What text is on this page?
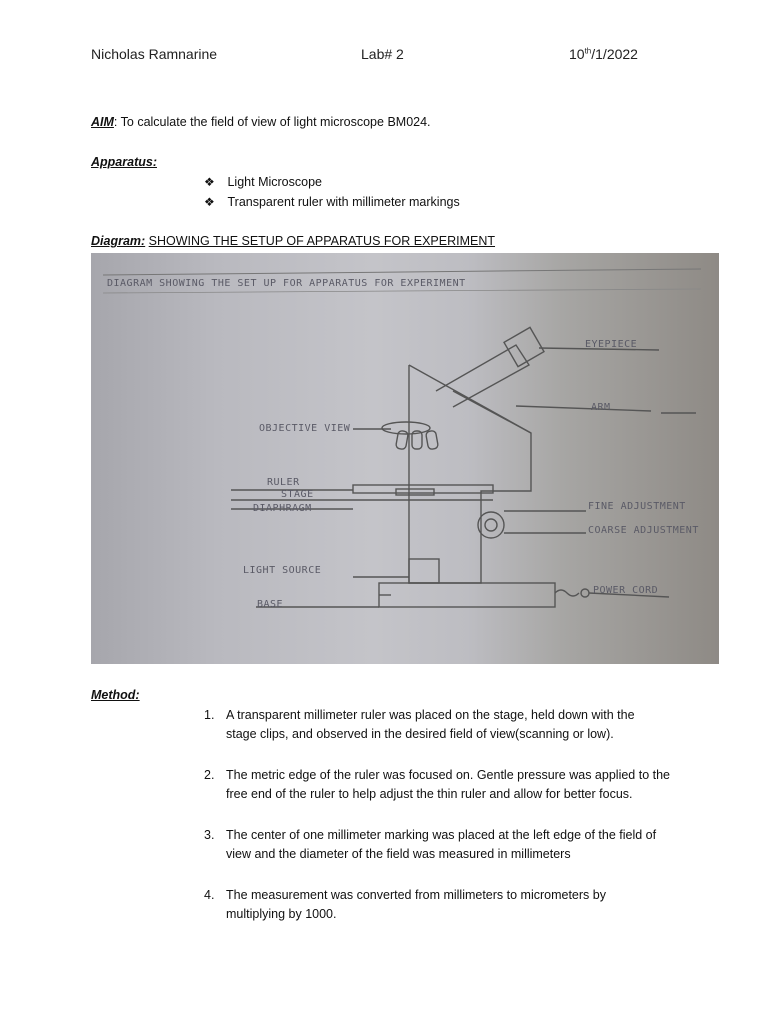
Nicholas Ramnarine	Lab# 2	10th/1/2022
AIM: To calculate the field of view of light microscope BM024.
Apparatus:
❖ Light Microscope
❖ Transparent ruler with millimeter markings
Diagram: SHOWING THE SETUP OF APPARATUS FOR EXPERIMENT
DIAGRAM SHOWING THE SET UP FOR APPARATUS FOR EXPERIMENT
EYEPIECE
ARM
OBJECTIVE VIEW
RULER
STAGE
DIAPHRAGM	FINE ADJUSTMENT
COARSE ADJUSTMENT
LIGHT SOURCE
BASE
POWER CORD
Method:
1. A transparent millimeter ruler was placed on the stage, held down with the
stage clips, and observed in the desired field of view(scanning or low).
2. The metric edge of the ruler was focused on. Gentle pressure was applied to the
free end of the ruler to help adjust the thin ruler and allow for better focus.
3. The center of one millimeter marking was placed at the left edge of the field of
view and the diameter of the field was measured in millimeters
4. The measurement was converted from millimeters to micrometers by
multiplying by 1000.
